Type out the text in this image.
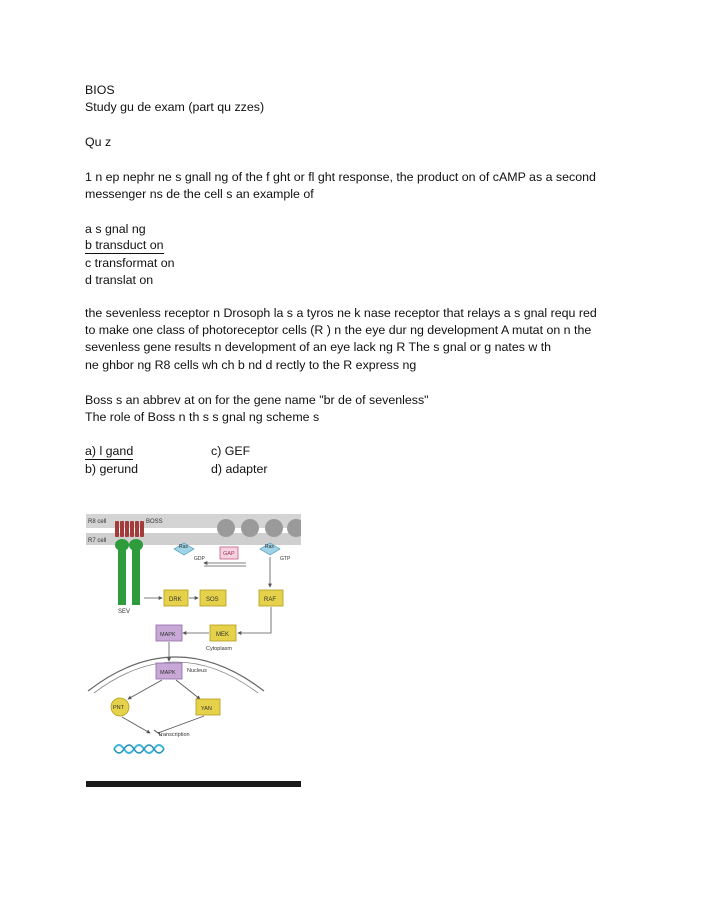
BIOS
Study gu de exam (part qu zzes)
Qu z
1 n ep nephr ne s gnall ng of the f ght or fl ght response, the product on of cAMP as a second
messenger ns de the cell s an example of
a s gnal ng
b transduct on
c transformat on
d translat on
the sevenless receptor n Drosoph la s a tyros ne k nase receptor that relays a s gnal requ red
to make one class of photoreceptor cells (R ) n the eye dur ng development A mutat on n the
sevenless gene results n development of an eye lack ng R The s gnal or g nates w th
ne ghbor ng R8 cells wh ch b nd d rectly to the R express ng
Boss s an abbrev at on for the gene name "br de of sevenless"
The role of Boss n th s s gnal ng scheme s
a) l gand	c) GEF
b) gerund	d) adapter
R8 cell
R7 cell
BOSS
SEV
Ras
GDP
GAP
Ras
GTP
DRK	SOS	RAF
MEK
MAPK
Cytoplasm
MAPK Nucleus
PNT	YAN
Transcription
